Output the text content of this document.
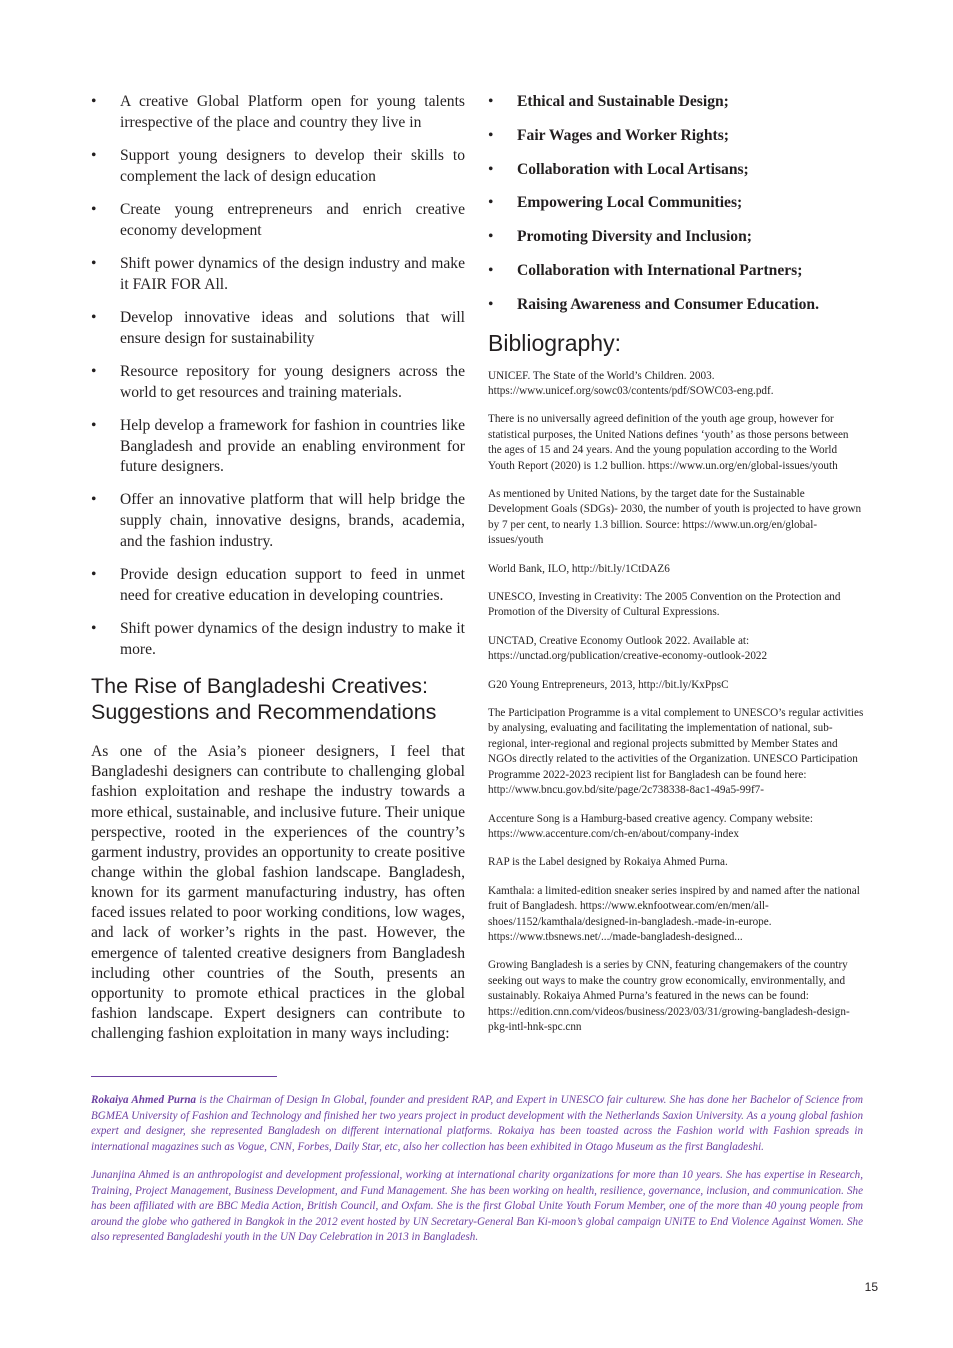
• A creative Global Platform open for young talents irrespective of the place and country they live in
• Support young designers to develop their skills to complement the lack of design education
• Create young entrepreneurs and enrich creative economy development
• Shift power dynamics of the design industry and make it FAIR FOR All.
• Develop innovative ideas and solutions that will ensure design for sustainability
• Resource repository for young designers across the world to get resources and training materials.
• Help develop a framework for fashion in countries like Bangladesh and provide an enabling environment for future designers.
• Offer an innovative platform that will help bridge the supply chain, innovative designs, brands, academia, and the fashion industry.
• Provide design education support to feed in unmet need for creative education in developing countries.
• Shift power dynamics of the design industry to make it more.
The Rise of Bangladeshi Creatives: Suggestions and Recommendations

As one of the Asia’s pioneer designers, I feel that Bangladeshi designers can contribute to challenging global fashion exploitation and reshape the industry towards a more ethical, sustainable, and inclusive future. Their unique perspective, rooted in the experiences of the country’s garment industry, provides an opportunity to create positive change within the global fashion landscape. Bangladesh, known for its garment manufacturing industry, has often faced issues related to poor working conditions, low wages, and lack of worker’s rights in the past. However, the emergence of talented creative designers from Bangladesh including other countries of the South, presents an opportunity to promote ethical practices in the global fashion landscape. Expert designers can contribute to challenging fashion exploitation in many ways including:

• Ethical and Sustainable Design;
• Fair Wages and Worker Rights;
• Collaboration with Local Artisans;
• Empowering Local Communities;
• Promoting Diversity and Inclusion;
• Collaboration with International Partners;
• Raising Awareness and Consumer Education.
Bibliography:

UNICEF. The State of the World’s Children. 2003. https://www.unicef.org/sowc03/contents/pdf/SOWC03-eng.pdf.

There is no universally agreed definition of the youth age group, however for statistical purposes, the United Nations defines ‘youth’ as those persons between the ages of 15 and 24 years. And the young population according to the World Youth Report (2020) is 1.2 bullion. https://www.un.org/en/global-issues/youth

As mentioned by United Nations, by the target date for the Sustainable Development Goals (SDGs)- 2030, the number of youth is projected to have grown by 7 per cent, to nearly 1.3 billion. Source: https://www.un.org/en/global-issues/youth

World Bank, ILO, http://bit.ly/1CtDAZ6

UNESCO, Investing in Creativity: The 2005 Convention on the Protection and Promotion of the Diversity of Cultural Expressions.

UNCTAD, Creative Economy Outlook 2022. Available at: https://unctad.org/publication/creative-economy-outlook-2022

G20 Young Entrepreneurs, 2013, http://bit.ly/KxPpsC

The Participation Programme is a vital complement to UNESCO’s regular activities by analysing, evaluating and facilitating the implementation of national, sub-regional, inter-regional and regional projects submitted by Member States and NGOs directly related to the activities of the Organization. UNESCO Participation Programme 2022-2023 recipient list for Bangladesh can be found here: http://www.bncu.gov.bd/site/page/2c738338-8ac1-49a5-99f7-

Accenture Song is a Hamburg-based creative agency. Company website: https://www.accenture.com/ch-en/about/company-index

RAP is the Label designed by Rokaiya Ahmed Purna.

Kamthala: a limited-edition sneaker series inspired by and named after the national fruit of Bangladesh. https://www.eknfootwear.com/en/men/all-shoes/1152/kamthala/designed-in-bangladesh.-made-in-europe. https://www.tbsnews.net/.../made-bangladesh-designed...

Growing Bangladesh is a series by CNN, featuring changemakers of the country seeking out ways to make the country grow economically, environmentally, and sustainably. Rokaiya Ahmed Purna’s featured in the news can be found: https://edition.cnn.com/videos/business/2023/03/31/growing-bangladesh-design-pkg-intl-hnk-spc.cnn

Rokaiya Ahmed Purna is the Chairman of Design In Global, founder and president RAP, and Expert in UNESCO fair culturew. She has done her Bachelor of Science from BGMEA University of Fashion and Technology and finished her two years project in product development with the Netherlands Saxion University. As a young global fashion expert and designer, she represented Bangladesh on different international platforms. Rokaiya has been toasted across the Fashion world with Fashion spreads in international magazines such as Vogue, CNN, Forbes, Daily Star, etc, also her collection has been exhibited in Otago Museum as the first Bangladeshi.

Junanjina Ahmed is an anthropologist and development professional, working at international charity organizations for more than 10 years. She has expertise in Research, Training, Project Management, Business Development, and Fund Management. She has been working on health, resilience, governance, inclusion, and communication. She has been affiliated with are BBC Media Action, British Council, and Oxfam. She is the first Global Unite Youth Forum Member, one of the more than 40 young people from around the globe who gathered in Bangkok in the 2012 event hosted by UN Secretary-General Ban Ki-moon’s global campaign UNiTE to End Violence Against Women. She also represented Bangladeshi youth in the UN Day Celebration in 2013 in Bangladesh.

15
